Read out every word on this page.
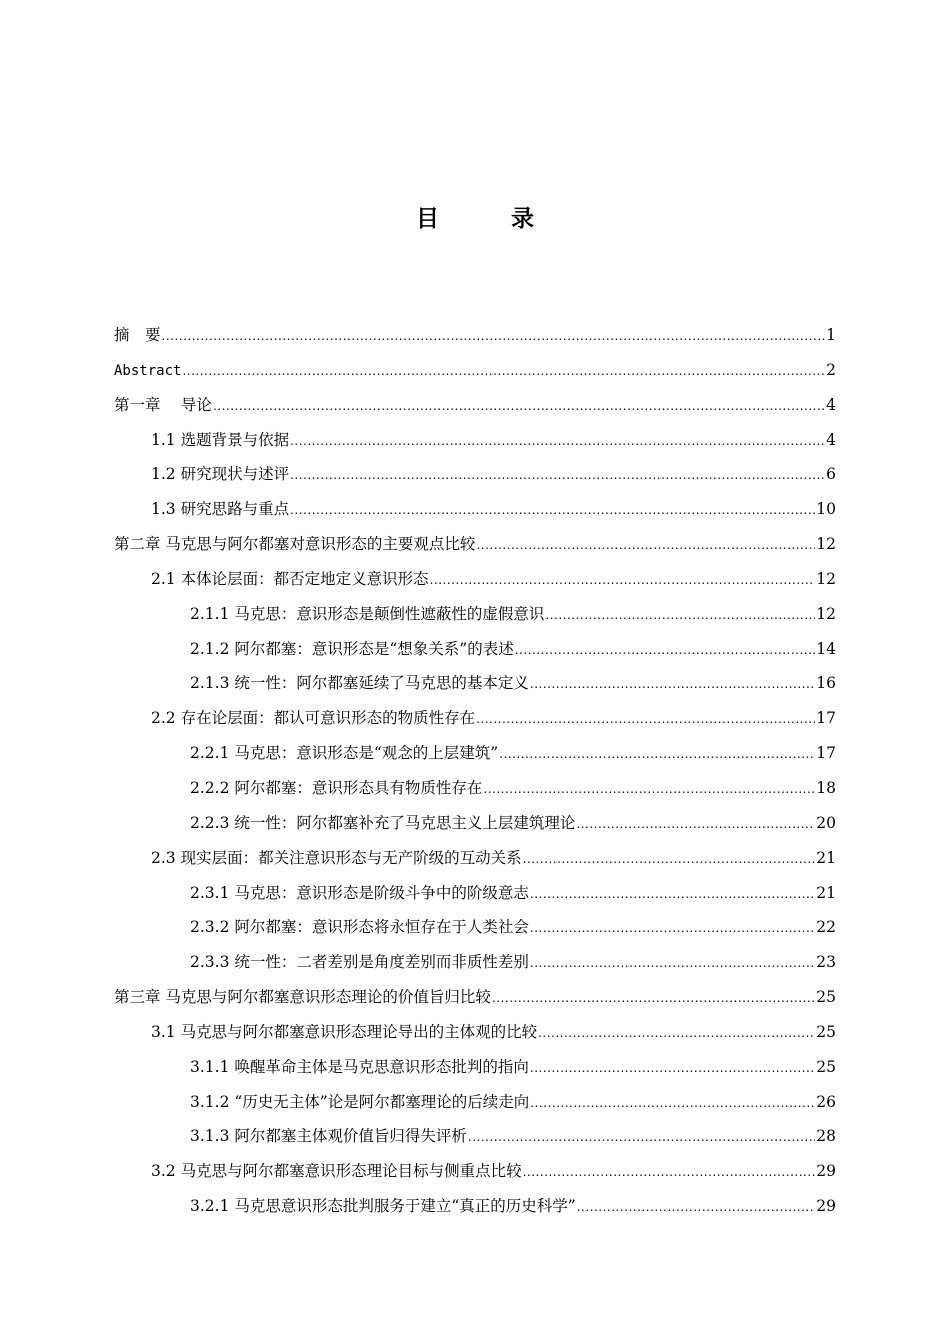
目 录
摘　要 .....	1
Abstract .....	2
第一章　 导论 .....	4
1.1 选题背景与依据 .....	4
1.2 研究现状与述评 .....	6
1.3 研究思路与重点 .....	10
第二章 马克思与阿尔都塞对意识形态的主要观点比较 .....	12
2.1 本体论层面：都否定地定义意识形态 .....	12
2.1.1 马克思：意识形态是颠倒性遮蔽性的虚假意识 .....	12
2.1.2 阿尔都塞：意识形态是“想象关系”的表述 .....	14
2.1.3 统一性：阿尔都塞延续了马克思的基本定义 .....	16
2.2 存在论层面：都认可意识形态的物质性存在 .....	17
2.2.1 马克思：意识形态是“观念的上层建筑” .....	17
2.2.2 阿尔都塞：意识形态具有物质性存在 .....	18
2.2.3 统一性：阿尔都塞补充了马克思主义上层建筑理论 .....	20
2.3 现实层面：都关注意识形态与无产阶级的互动关系 .....	21
2.3.1 马克思：意识形态是阶级斗争中的阶级意志 .....	21
2.3.2 阿尔都塞：意识形态将永恒存在于人类社会 .....	22
2.3.3 统一性：二者差别是角度差别而非质性差别 .....	23
第三章 马克思与阿尔都塞意识形态理论的价值旨归比较 .....	25
3.1 马克思与阿尔都塞意识形态理论导出的主体观的比较 .....	25
3.1.1 唤醒革命主体是马克思意识形态批判的指向 .....	25
3.1.2 “历史无主体”论是阿尔都塞理论的后续走向 .....	26
3.1.3 阿尔都塞主体观价值旨归得失评析 .....	28
3.2 马克思与阿尔都塞意识形态理论目标与侧重点比较 .....	29
3.2.1 马克思意识形态批判服务于建立“真正的历史科学” .....	29
